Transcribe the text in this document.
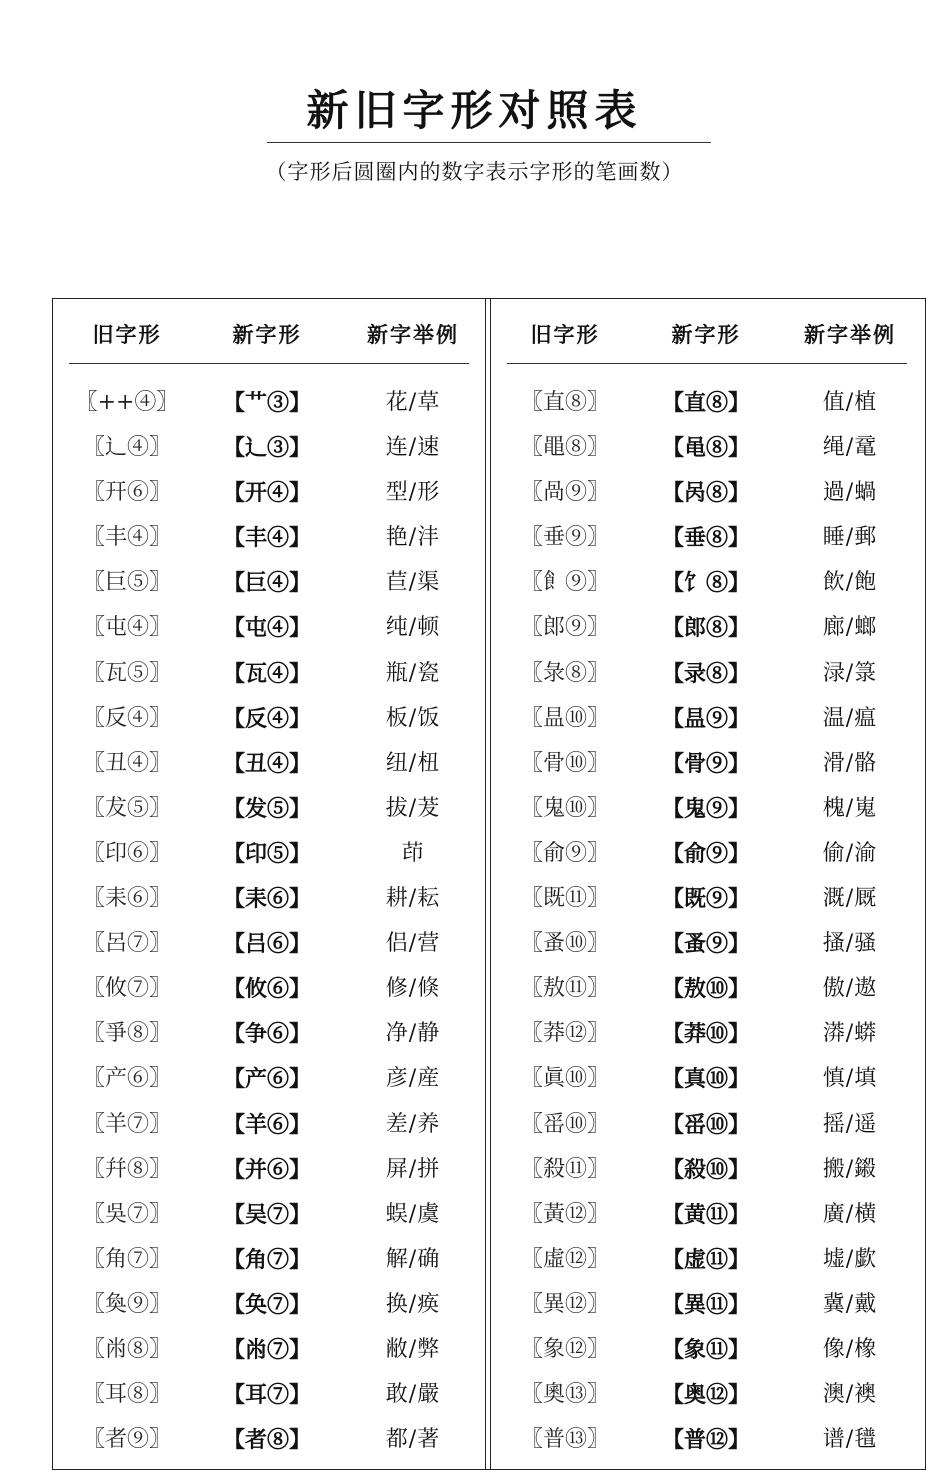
新旧字形对照表
（字形后圆圈内的数字表示字形的笔画数）
旧字形	新字形	新字举例
〖++④〗	【艹③】	花/草
〖辶④〗	【辶③】	连/速
〖幵⑥〗	【开④】	型/形
〖丰④〗	【丰④】	艳/沣
〖巨⑤〗	【巨④】	苣/渠
〖屯④〗	【屯④】	纯/顿
〖瓦⑤〗	【瓦④】	瓶/瓷
〖反④〗	【反④】	板/饭
〖丑④〗	【丑④】	纽/杻
〖犮⑤〗	【发⑤】	拔/茇
〖印⑥〗	【印⑤】	茚
〖耒⑥〗	【耒⑥】	耕/耘
〖呂⑦〗	【吕⑥】	侣/营
〖攸⑦〗	【攸⑥】	修/倏
〖爭⑧〗	【争⑥】	净/静
〖产⑥〗	【产⑥】	彦/産
〖羊⑦〗	【羊⑥】	差/养
〖幷⑧〗	【并⑥】	屏/拼
〖吳⑦〗	【吴⑦】	蜈/虞
〖角⑦〗	【角⑦】	解/确
〖奐⑨〗	【奂⑦】	换/痪
〖㡀⑧〗	【㡀⑦】	敝/弊
〖耳⑧〗	【耳⑦】	敢/嚴
〖者⑨〗	【者⑧】	都/著
旧字形	新字形	新字举例
〖直⑧〗	【直⑧】	值/植
〖黽⑧〗	【黾⑧】	绳/鼋
〖咼⑨〗	【呙⑧】	過/蝸
〖垂⑨〗	【垂⑧】	睡/郵
〖飠⑨〗	【饣⑧】	飲/飽
〖郎⑨〗	【郎⑧】	廊/螂
〖彔⑧〗	【录⑧】	渌/箓
〖昷⑩〗	【昷⑨】	温/瘟
〖骨⑩〗	【骨⑨】	滑/骼
〖鬼⑩〗	【鬼⑨】	槐/嵬
〖俞⑨〗	【俞⑨】	偷/渝
〖既⑪〗	【既⑨】	溉/厩
〖蚤⑩〗	【蚤⑨】	搔/骚
〖敖⑪〗	【敖⑩】	傲/遨
〖莽⑫〗	【莽⑩】	漭/蟒
〖眞⑩〗	【真⑩】	慎/填
〖䍃⑩〗	【䍃⑩】	摇/遥
〖殺⑪〗	【殺⑩】	搬/鎩
〖黃⑫〗	【黄⑪】	廣/横
〖虛⑫〗	【虚⑪】	墟/歔
〖異⑫〗	【異⑪】	冀/戴
〖象⑫〗	【象⑪】	像/橡
〖奧⑬〗	【奥⑫】	澳/襖
〖普⑬〗	【普⑫】	谱/氆
